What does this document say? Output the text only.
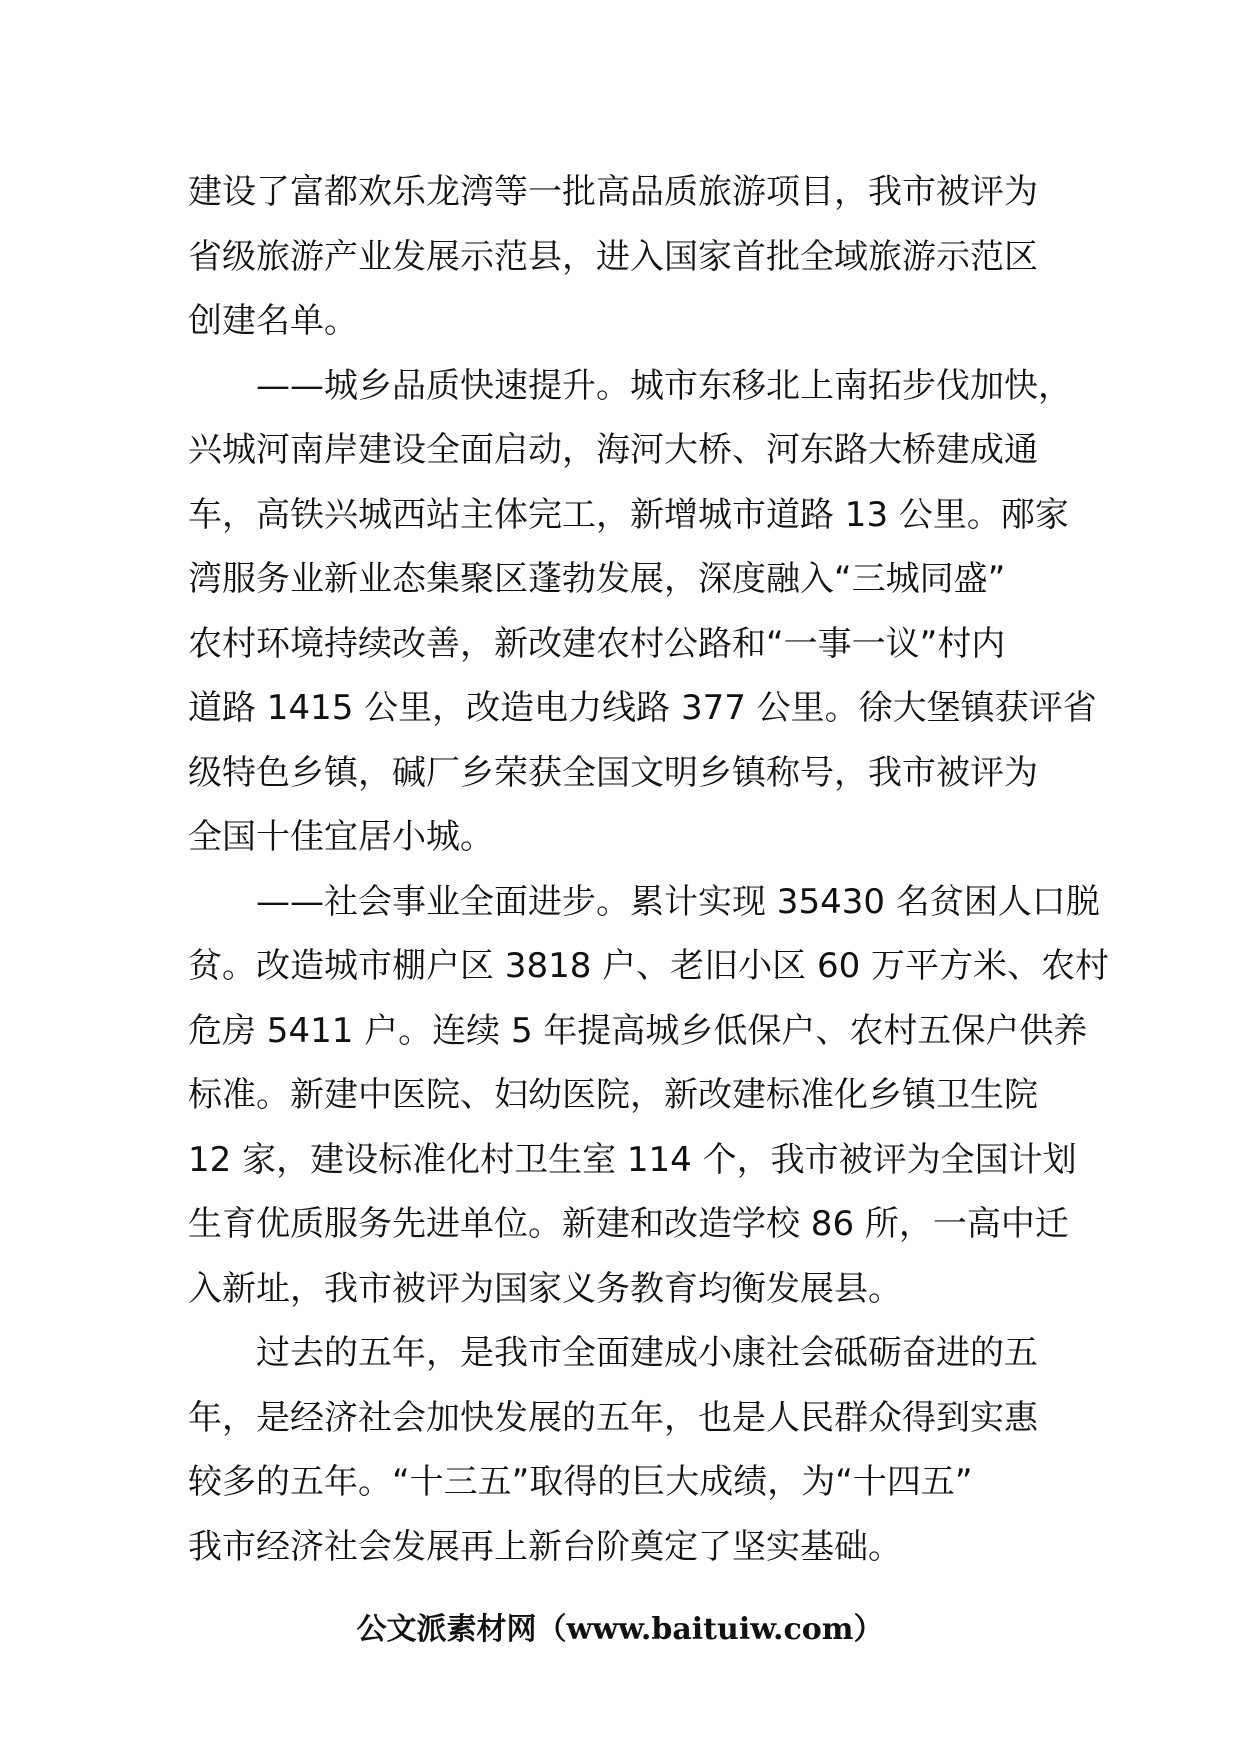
建设了富都欢乐龙湾等一批高品质旅游项目，我市被评为
省级旅游产业发展示范县，进入国家首批全域旅游示范区
创建名单。
——城乡品质快速提升。城市东移北上南拓步伐加快，
兴城河南岸建设全面启动，海河大桥、河东路大桥建成通
车，高铁兴城西站主体完工，新增城市道路 13 公里。邴家
湾服务业新业态集聚区蓬勃发展，深度融入“三城同盛”
农村环境持续改善，新改建农村公路和“一事一议”村内
道路 1415 公里，改造电力线路 377 公里。徐大堡镇获评省
级特色乡镇，碱厂乡荣获全国文明乡镇称号，我市被评为
全国十佳宜居小城。
——社会事业全面进步。累计实现 35430 名贫困人口脱
贫。改造城市棚户区 3818 户、老旧小区 60 万平方米、农村
危房 5411 户。连续 5 年提高城乡低保户、农村五保户供养
标准。新建中医院、妇幼医院，新改建标准化乡镇卫生院
12 家，建设标准化村卫生室 114 个，我市被评为全国计划
生育优质服务先进单位。新建和改造学校 86 所，一高中迁
入新址，我市被评为国家义务教育均衡发展县。
过去的五年，是我市全面建成小康社会砥砺奋进的五
年，是经济社会加快发展的五年，也是人民群众得到实惠
较多的五年。“十三五”取得的巨大成绩，为“十四五”
我市经济社会发展再上新台阶奠定了坚实基础。
公文派素材网（www.baituiw.com）
